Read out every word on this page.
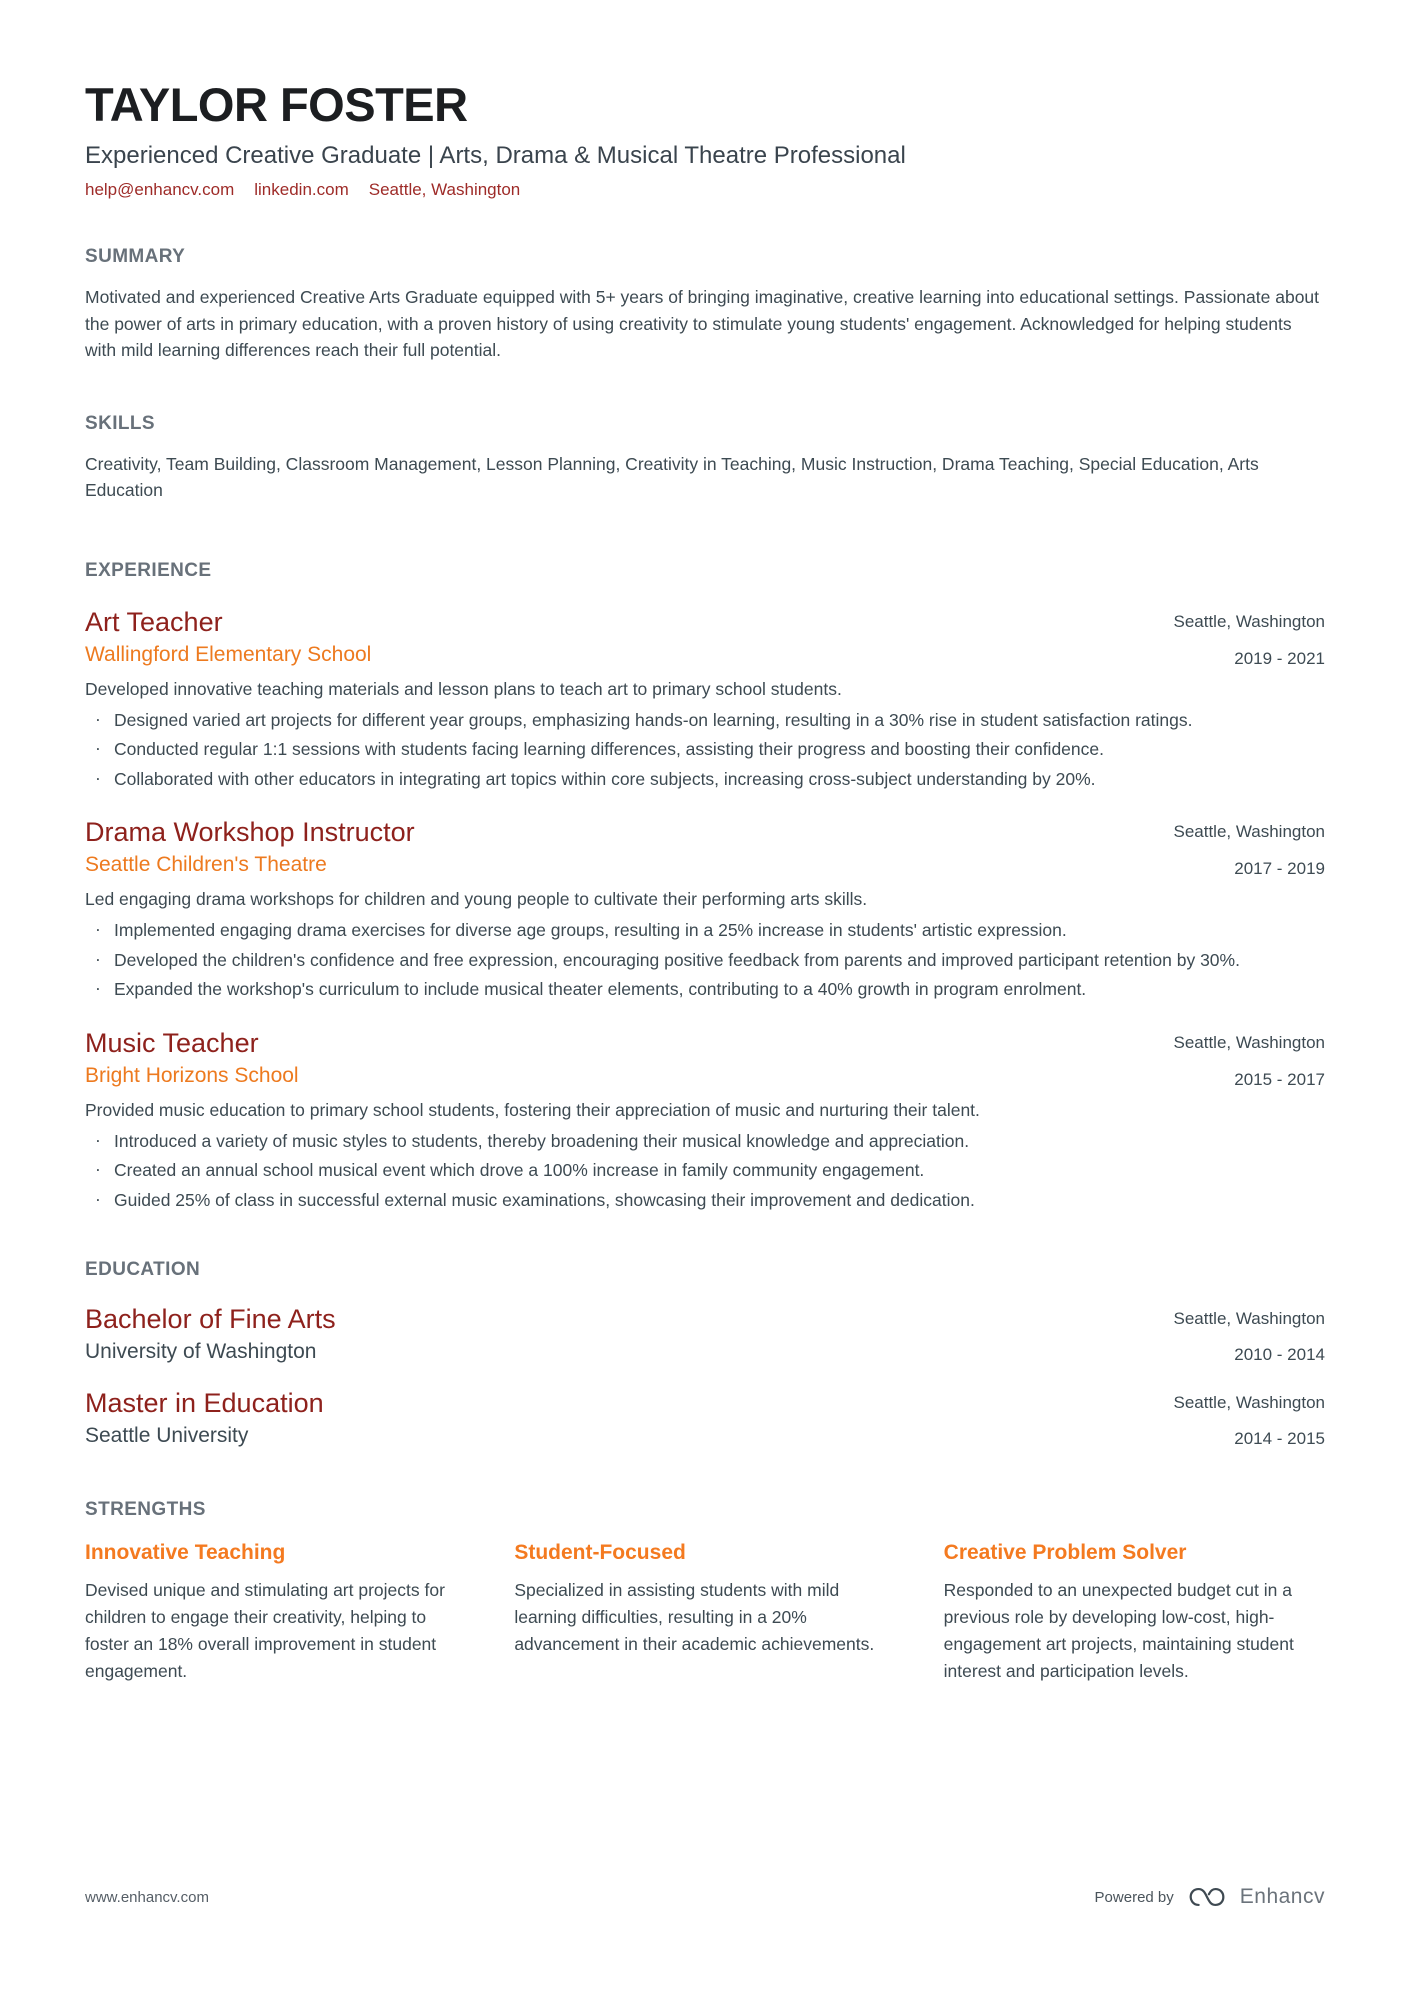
TAYLOR FOSTER
Experienced Creative Graduate | Arts, Drama & Musical Theatre Professional
help@enhancv.com linkedin.com Seattle, Washington
SUMMARY

Motivated and experienced Creative Arts Graduate equipped with 5+ years of bringing imaginative, creative learning into educational settings. Passionate about the power of arts in primary education, with a proven history of using creativity to stimulate young students' engagement. Acknowledged for helping students with mild learning differences reach their full potential.

SKILLS

Creativity, Team Building, Classroom Management, Lesson Planning, Creativity in Teaching, Music Instruction, Drama Teaching, Special Education, Arts Education

EXPERIENCE
Art Teacher
Wallingford Elementary School
Seattle, Washington
2019 - 2021

Developed innovative teaching materials and lesson plans to teach art to primary school students.

· Designed varied art projects for different year groups, emphasizing hands-on learning, resulting in a 30% rise in student satisfaction ratings.
· Conducted regular 1:1 sessions with students facing learning differences, assisting their progress and boosting their confidence.
· Collaborated with other educators in integrating art topics within core subjects, increasing cross-subject understanding by 20%.
Drama Workshop Instructor
Seattle Children's Theatre
Seattle, Washington
2017 - 2019

Led engaging drama workshops for children and young people to cultivate their performing arts skills.

· Implemented engaging drama exercises for diverse age groups, resulting in a 25% increase in students' artistic expression.
· Developed the children's confidence and free expression, encouraging positive feedback from parents and improved participant retention by 30%.
· Expanded the workshop's curriculum to include musical theater elements, contributing to a 40% growth in program enrolment.
Music Teacher
Bright Horizons School
Seattle, Washington
2015 - 2017

Provided music education to primary school students, fostering their appreciation of music and nurturing their talent.

· Introduced a variety of music styles to students, thereby broadening their musical knowledge and appreciation.
· Created an annual school musical event which drove a 100% increase in family community engagement.
· Guided 25% of class in successful external music examinations, showcasing their improvement and dedication.
EDUCATION
Bachelor of Fine Arts
University of Washington
Seattle, Washington
2010 - 2014
Master in Education
Seattle University
Seattle, Washington
2014 - 2015
STRENGTHS
Innovative Teaching

Devised unique and stimulating art projects for children to engage their creativity, helping to foster an 18% overall improvement in student engagement.

Student-Focused

Specialized in assisting students with mild learning difficulties, resulting in a 20% advancement in their academic achievements.

Creative Problem Solver

Responded to an unexpected budget cut in a previous role by developing low-cost, high-engagement art projects, maintaining student interest and participation levels.

www.enhancv.com	Powered by	Enhancv
